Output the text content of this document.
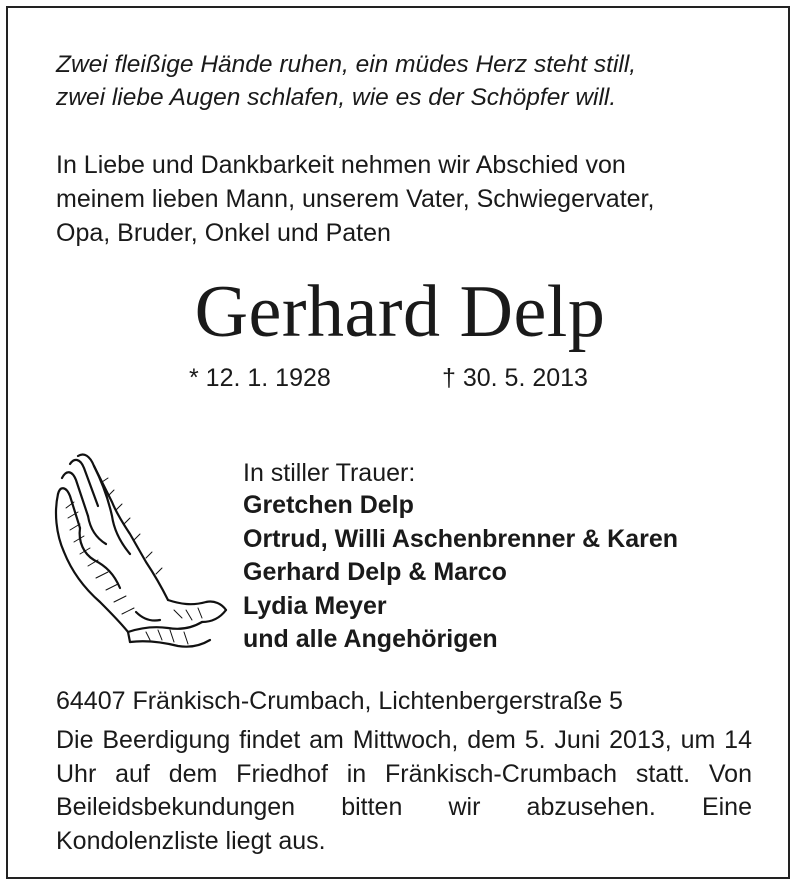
Zwei fleißige Hände ruhen, ein müdes Herz steht still,
zwei liebe Augen schlafen, wie es der Schöpfer will.

In Liebe und Dankbarkeit nehmen wir Abschied von
meinem lieben Mann, unserem Vater, Schwiegervater,
Opa, Bruder, Onkel und Paten

Gerhard Delp
* 12. 1. 1928	† 30. 5. 2013

In stiller Trauer:

Gretchen Delp
Ortrud, Willi Aschenbrenner & Karen
Gerhard Delp & Marco
Lydia Meyer
und alle Angehörigen

64407 Fränkisch-Crumbach, Lichtenbergerstraße 5

Die Beerdigung findet am Mittwoch, dem 5. Juni 2013, um 14 Uhr auf dem Friedhof in Fränkisch-Crumbach statt. Von Beileidsbekundungen bitten wir abzusehen. Eine Kondolenzliste liegt aus.
